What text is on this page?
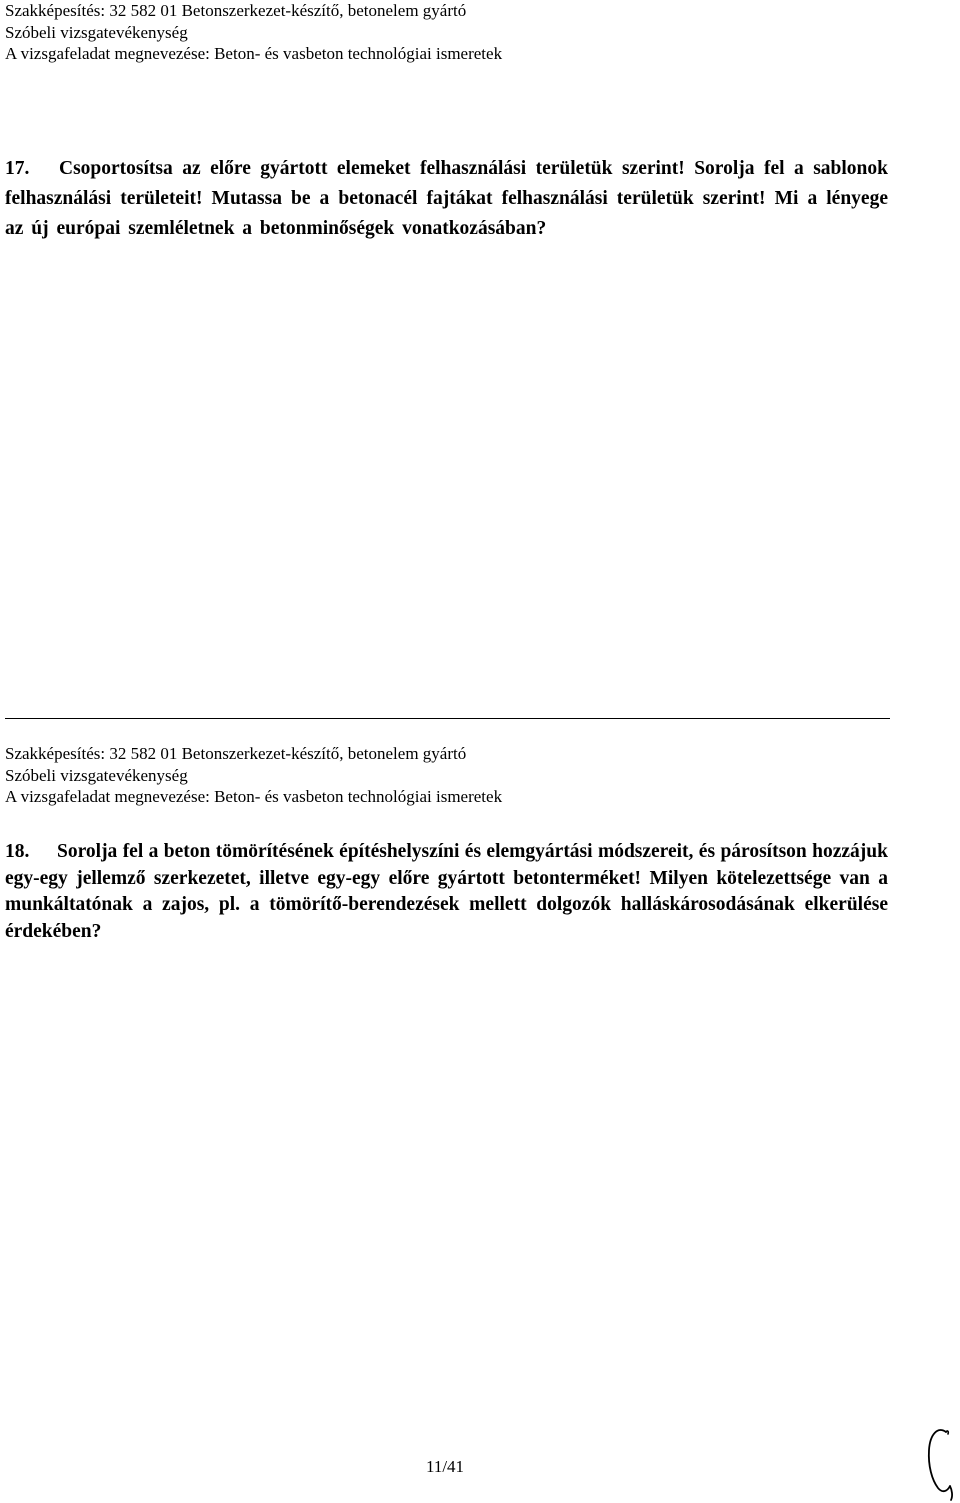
Szakképesítés: 32 582 01 Betonszerkezet-készítő, betonelem gyártó
Szóbeli vizsgatevékenység
A vizsgafeladat megnevezése: Beton- és vasbeton technológiai ismeretek
17. Csoportosítsa az előre gyártott elemeket felhasználási területük szerint! Sorolja fel a sablonok felhasználási területeit! Mutassa be a betonacél fajtákat felhasználási területük szerint! Mi a lényege az új európai szemléletnek a betonminőségek vonatkozásában?
Szakképesítés: 32 582 01 Betonszerkezet-készítő, betonelem gyártó
Szóbeli vizsgatevékenység
A vizsgafeladat megnevezése: Beton- és vasbeton technológiai ismeretek
18. Sorolja fel a beton tömörítésének építéshelyszíni és elemgyártási módszereit, és párosítson hozzájuk egy-egy jellemző szerkezetet, illetve egy-egy előre gyártott betonterméket! Milyen kötelezettsége van a munkáltatónak a zajos, pl. a tömörítő-berendezések mellett dolgozók halláskárosodásának elkerülése érdekében?
11/41
